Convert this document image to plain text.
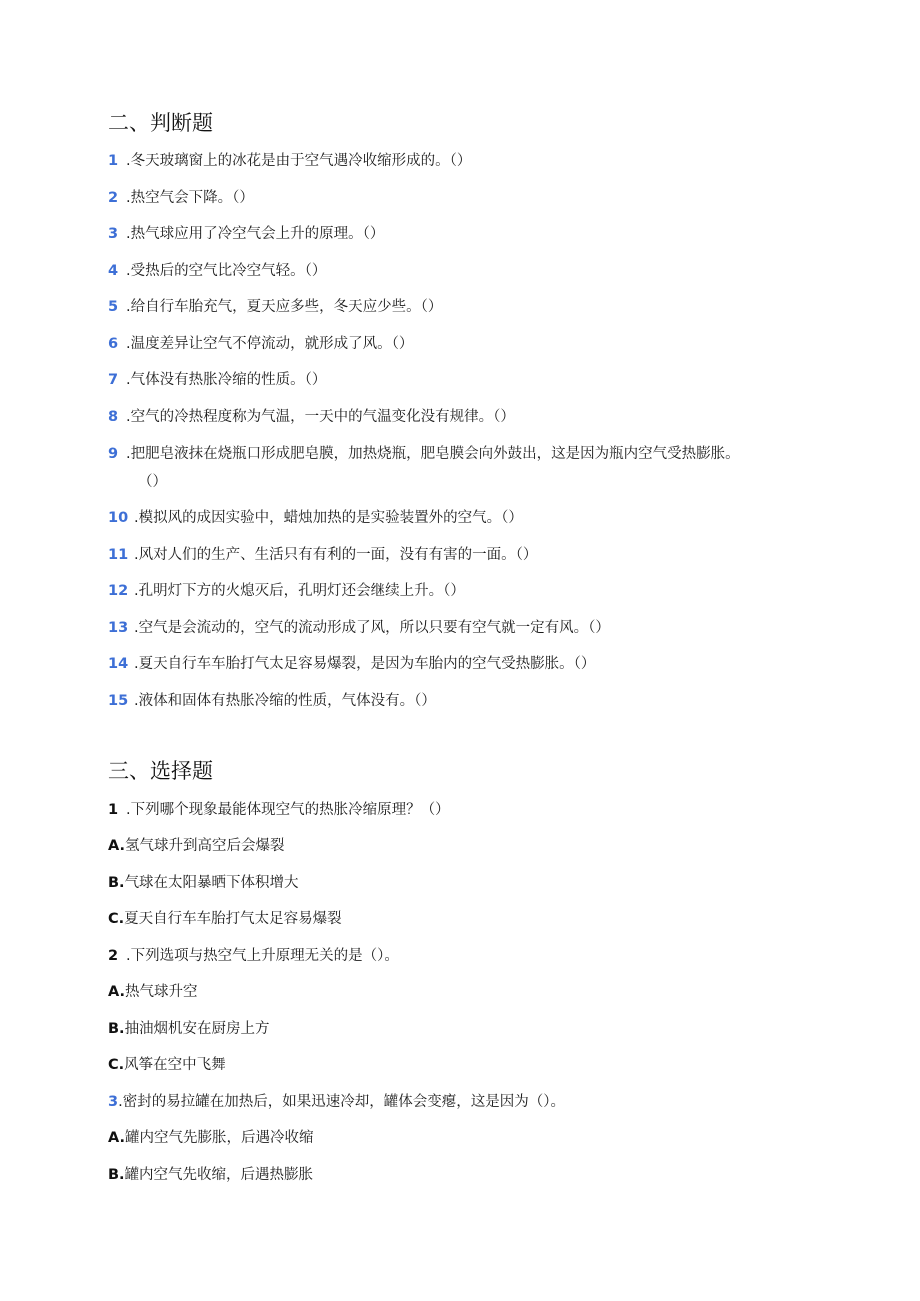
二、判断题
1 .冬天玻璃窗上的冰花是由于空气遇冷收缩形成的。（）
2 .热空气会下降。（）
3 .热气球应用了冷空气会上升的原理。（）
4 .受热后的空气比冷空气轻。（）
5 .给自行车胎充气，夏天应多些，冬天应少些。（）
6 .温度差异让空气不停流动，就形成了风。（）
7 .气体没有热胀冷缩的性质。（）
8 .空气的冷热程度称为气温，一天中的气温变化没有规律。（）
9 .把肥皂液抹在烧瓶口形成肥皂膜，加热烧瓶，肥皂膜会向外鼓出，这是因为瓶内空气受热膨胀。
（）
10 .模拟风的成因实验中，蜡烛加热的是实验装置外的空气。（）
11 .风对人们的生产、生活只有有利的一面，没有有害的一面。（）
12 .孔明灯下方的火熄灭后，孔明灯还会继续上升。（）
13 .空气是会流动的，空气的流动形成了风，所以只要有空气就一定有风。（）
14 .夏天自行车车胎打气太足容易爆裂，是因为车胎内的空气受热膨胀。（）
15 .液体和固体有热胀冷缩的性质，气体没有。（）
三、选择题
1 .下列哪个现象最能体现空气的热胀冷缩原理？（）
A.氢气球升到高空后会爆裂
B.气球在太阳暴晒下体积增大
C.夏天自行车车胎打气太足容易爆裂
2 .下列选项与热空气上升原理无关的是（）。
A.热气球升空
B.抽油烟机安在厨房上方
C.风筝在空中飞舞
3.密封的易拉罐在加热后，如果迅速冷却，罐体会变瘪，这是因为（）。
A.罐内空气先膨胀，后遇冷收缩
B.罐内空气先收缩，后遇热膨胀
